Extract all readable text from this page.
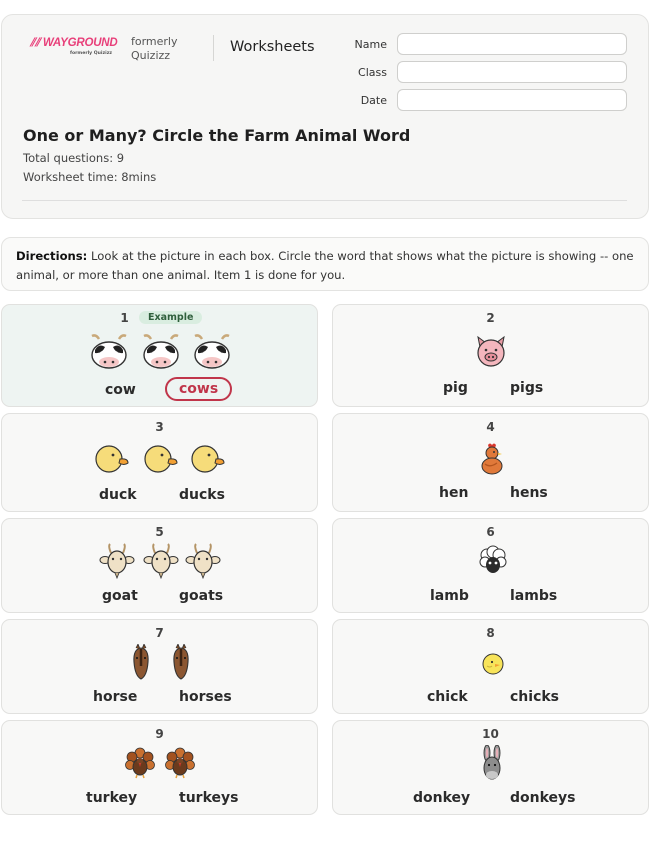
⫽⫽ WAYGROUND
formerly Quizizz
formerly
Quizizz
Worksheets	Name
Class
Date
One or Many? Circle the Farm Animal Word
Total questions: 9
Worksheet time: 8mins
Directions: Look at the picture in each box. Circle the word that shows what the picture is showing -- one animal, or more than one animal. Item 1 is done for you.
1	Example
cow	cows
2
pig	pigs
3
duck	ducks
4
hen	hens
5
goat	goats
6
lamb	lambs
7
horse	horses
8
chick	chicks
9
turkey	turkeys
10
donkey	donkeys
